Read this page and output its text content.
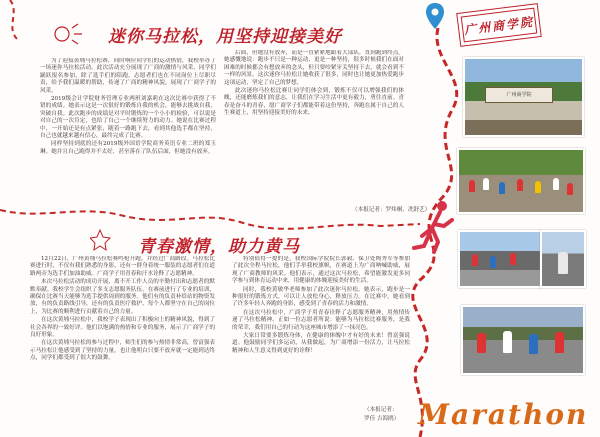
广州商学院
迷你马拉松，用坚持迎接美好

为了迎接黄埔马拉松赛，同时响应同学们的运动热情，我校举办了一场迷你马拉松活动。此次活动充分展现了广商的激情与风采，同学们踊跃报名参加，除了选手们的陪跑，志愿者们也在不同岗位上尽职尽责，给予我们温暖的帮助，传递了广商的精神风貌，展现了广商学子的风采。

2019级会计学院财务管理专业两班刘嘉莉在这次比赛中获得了不错的成绩。她表示这是一次很好的锻炼自我的机会，能够去挑战自我，突破自我。此次跑步的成绩是对平时锻炼的一个小小的检验，可以说是对自己的一次肯定，也给了自己一个继续努力的动力。她说在比赛过程中，一开始还是有点紧张，随着一路跑下去，看到其他选手都在坚持，自己也就越来越有信心，最终完成了比赛。

同样坚持到底的还有2019级外国语学院商务英语专业二班的郑玉琳。她并且自己跑得并不太好，甚至落在了队伍后面，但她没有放弃。

后面，但她没有放弃，而是一直紧紧地跟着大部队，直到跑到终点。她感慨地说：跑步不只是一种运动，更是一种坚持，很多时候我们在面对困难的时候都会有想放弃的念头，但只要咬紧牙关坚持下去，就会看到不一样的风景。这次迷你马拉松让她收获了很多，同时也让她更加热爱跑步这项运动，坚定了自己的梦想。

此次迷你马拉松比赛让同学们体会到，锻炼不仅可以增强我们的体魄，还能磨炼我们的意志，让我们在学习生活中更有毅力，勇往直前。青春是奋斗的青春，愿广商学子们都能带着这份坚持，奔跑在属于自己的人生赛道上，用坚持迎接美好的未来。

（本报记者：罗炜桐、冼舒艺）
青春激情，助力黄马

12月22日，广州黄埔马拉松赛鸣枪开跑，并经过广商路段。马拉松比赛进行时，不仅有我们熟悉的身影，还有一群身着统一服装的志愿者们在道路两旁为选手们加油助威。广商学子用青春和汗水诠释了志愿精神。

本次马拉松活动的成功开展，离不开工作人员的辛勤付出和志愿者的默默奉献。我校学生会组织了多支志愿服务队伍，在赛前进行了专业的培训，确保在比赛当天能够为选手提供周到的服务。他们有的负责补给站的物资发放，有的负责路线引导，还有的负责医疗救护，每个人都坚守在自己的岗位上，为比赛的顺利进行贡献着自己的力量。

在这次黄埔马拉松中，我校学子表现出了积极向上的精神风貌，得到了社会各界的一致好评。他们以饱满的热情和专业的服务，展示了广商学子的良好形象。

在这次黄埔马拉松的参与过程中，师生们的参与热情非常高，曾富强表示马拉松让他感受到了坚持的力量，也让他明白只要不放弃就一定能到达终点，同学们都受到了很大的鼓舞。

特别值得一提的是，我校国际学院院长郭毅、保卫处陶秀军等参加了此次全程马拉松，他们手举我校旗帜，在赛道上为广商呐喊助威，展现了广商教师的风采。他们表示，通过这次马拉松，希望能激发更多同学参与到体育运动中来，用健康的体魄迎接美好的生活。

同时，我校黄敏华老师参加了此次迷你马拉松。她表示，跑步是一种很好的锻炼方式，可以让人放松身心，释放压力。在比赛中，她看到了许多年轻人奔跑的身影，感受到了青春的活力和激情。

在这次马拉松中，广商学子用青春诠释了志愿服务精神，用热情传递了马拉松精神。正如一位志愿者所说：能够为马拉松比赛服务，是我的荣幸，我们用自己的行动为这座城市增添了一抹亮色。

大家日常要多锻炼身体，在健康的体魄中才有好的未来！曾富强说道。他鼓励同学们多运动，从我做起，为广商增添一份活力，让马拉松精神和人生意义得到更好的诠释！

（本报记者：
罗佳 吉海鸥）
广州商学院
Marathon
